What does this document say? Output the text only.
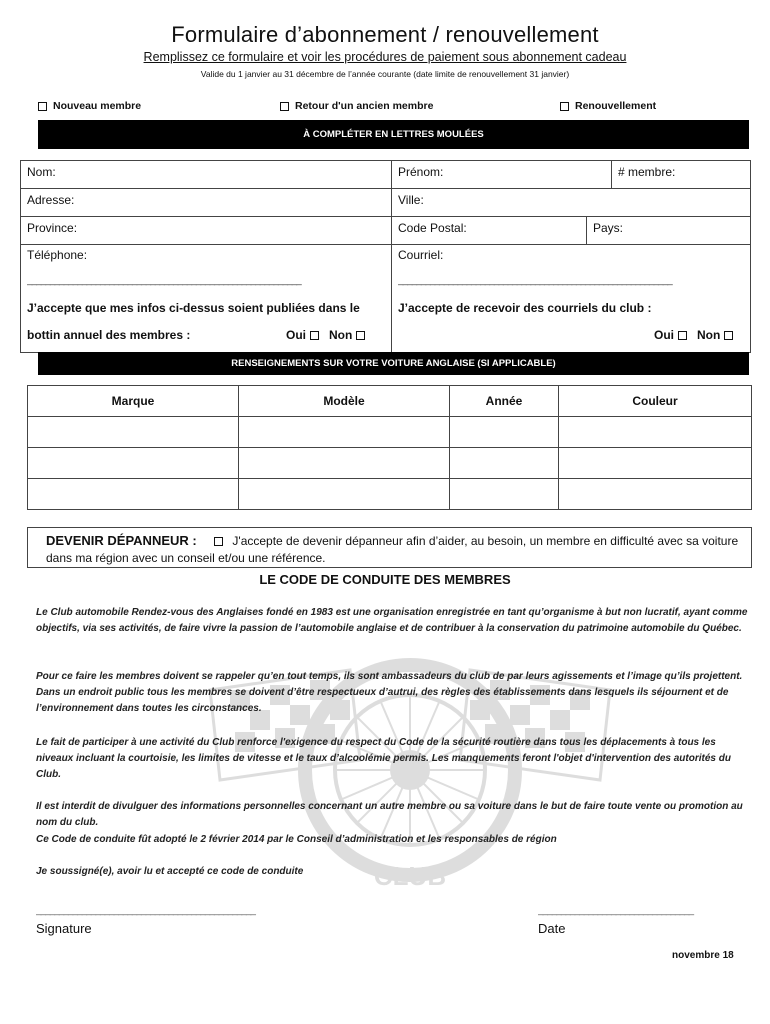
Formulaire d’abonnement / renouvellement
Remplissez ce formulaire et voir les procédures de paiement sous abonnement cadeau
Valide du 1 janvier au 31 décembre de l’année courante (date limite de renouvellement 31 janvier)
Nouveau membre	Retour d'un ancien membre	Renouvellement
À COMPLÉTER EN LETTRES MOULÉES
Nom:	Prénom:	# membre:
Adresse:	Ville:
Province:	Code Postal:	Pays:
Téléphone:	Courriel:
____________________________________________________________	____________________________________________________________
J’accepte que mes infos ci-dessus soient publiées dans le
bottin annuel des membres :	Oui Non
J’accepte de recevoir des courriels du club :
Oui Non
RENSEIGNEMENTS SUR VOTRE VOITURE ANGLAISE (SI APPLICABLE)
Marque	Modèle	Année	Couleur

DEVENIR DÉPANNEUR :	J'accepte de devenir dépanneur afin d’aider, au besoin, un membre en difficulté avec sa voiture dans ma région avec un conseil et/ou une référence.
CLUB
LE CODE DE CONDUITE DES MEMBRES
Le Club automobile Rendez-vous des Anglaises fondé en 1983 est une organisation enregistrée en tant qu’organisme à but non lucratif, ayant comme objectifs, via ses activités, de faire vivre la passion de l’automobile anglaise et de contribuer à la conservation du patrimoine automobile du Québec.
Pour ce faire les membres doivent se rappeler qu’en tout temps, ils sont ambassadeurs du club de par leurs agissements et l’image qu’ils projettent. Dans un endroit public tous les membres se doivent d’être respectueux d’autrui, des règles des établissements dans lesquels ils séjournent et de l’environnement dans toutes les circonstances.
Le fait de participer à une activité du Club renforce l'exigence du respect du Code de la sécurité routière dans tous les déplacements à tous les niveaux incluant la courtoisie, les limites de vitesse et le taux d’alcoolémie permis. Les manquements feront l'objet d'intervention des autorités du Club.
Il est interdit de divulguer des informations personnelles concernant un autre membre ou sa voiture dans le but de faire toute vente ou promotion au nom du club.
Ce Code de conduite fût adopté le 2 février 2014 par le Conseil d’administration et les responsables de région
Je soussigné(e), avoir lu et accepté ce code de conduite
________________________________________________
Signature
__________________________________
Date
novembre 18
